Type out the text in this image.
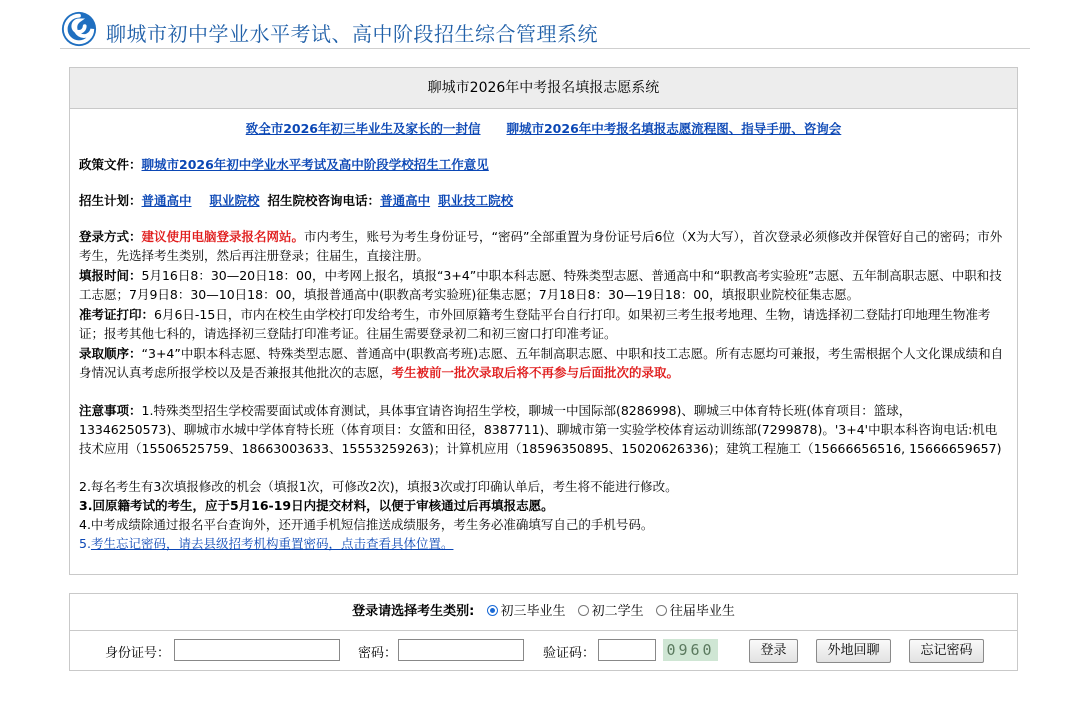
聊城市初中学业水平考试、高中阶段招生综合管理系统
聊城市2026年中考报名填报志愿系统
致全市2026年初三毕业生及家长的一封信 聊城市2026年中考报名填报志愿流程图、指导手册、咨询会
政策文件：聊城市2026年初中学业水平考试及高中阶段学校招生工作意见
招生计划：普通高中 职业院校 招生院校咨询电话：普通高中 职业技工院校
登录方式：建议使用电脑登录报名网站。市内考生，账号为考生身份证号，“密码”全部重置为身份证号后6位（X为大写），首次登录必须修改并保管好自己的密码；市外考生，先选择考生类别，然后再注册登录；往届生，直接注册。
填报时间：5月16日8：30—20日18：00，中考网上报名，填报“3+4”中职本科志愿、特殊类型志愿、普通高中和“职教高考实验班”志愿、五年制高职志愿、中职和技工志愿；7月9日8：30—10日18：00，填报普通高中(职教高考实验班)征集志愿；7月18日8：30—19日18：00，填报职业院校征集志愿。
准考证打印：6月6日-15日，市内在校生由学校打印发给考生，市外回原籍考生登陆平台自行打印。如果初三考生报考地理、生物，请选择初二登陆打印地理生物准考证；报考其他七科的，请选择初三登陆打印准考证。往届生需要登录初二和初三窗口打印准考证。
录取顺序：“3+4”中职本科志愿、特殊类型志愿、普通高中(职教高考班)志愿、五年制高职志愿、中职和技工志愿。所有志愿均可兼报，考生需根据个人文化课成绩和自身情况认真考虑所报学校以及是否兼报其他批次的志愿，考生被前一批次录取后将不再参与后面批次的录取。
注意事项：1.特殊类型招生学校需要面试或体育测试，具体事宜请咨询招生学校，聊城一中国际部(8286998)、聊城三中体育特长班(体育项目：篮球，13346250573)、聊城市水城中学体育特长班（体育项目：女篮和田径，8387711)、聊城市第一实验学校体育运动训练部(7299878)。'3+4'中职本科咨询电话:机电技术应用（15506525759、18663003633、15553259263)；计算机应用（18596350895、15020626336)；建筑工程施工（15666656516, 15666659657)
2.每名考生有3次填报修改的机会（填报1次，可修改2次)，填报3次或打印确认单后，考生将不能进行修改。
3.回原籍考试的考生，应于5月16-19日内提交材料，以便于审核通过后再填报志愿。
4.中考成绩除通过报名平台查询外，还开通手机短信推送成绩服务，考生务必准确填写自己的手机号码。
5.考生忘记密码，请去县级招考机构重置密码，点击查看具体位置。
登录请选择考生类别: 初三毕业生 初二学生 往届毕业生
身份证号：	密码：	验证码：	0960	登录	外地回聊	忘记密码
